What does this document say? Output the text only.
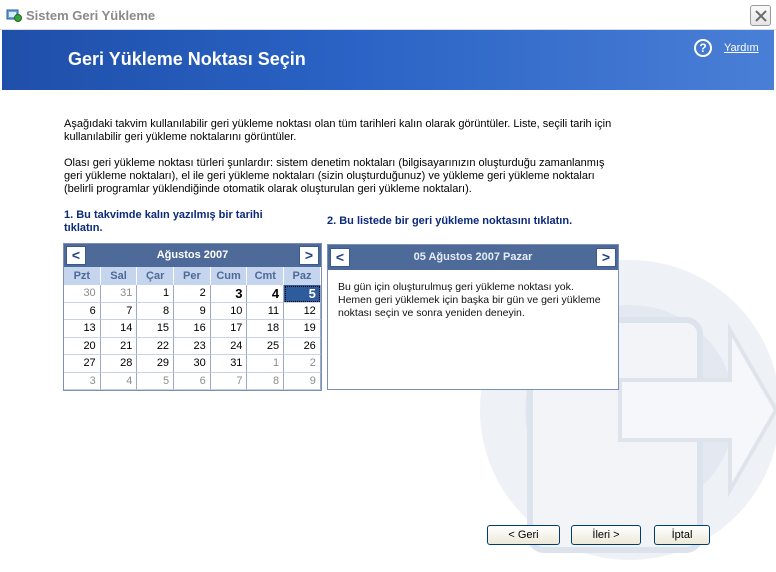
Sistem Geri Yükleme
Geri Yükleme Noktası Seçin
?	Yardım
Aşağıdaki takvim kullanılabilir geri yükleme noktası olan tüm tarihleri kalın olarak görüntüler. Liste, seçili tarih için kullanılabilir geri yükleme noktalarını görüntüler.
Olası geri yükleme noktası türleri şunlardır: sistem denetim noktaları (bilgisayarınızın oluşturduğu zamanlanmış geri yükleme noktaları), el ile geri yükleme noktaları (sizin oluşturduğunuz) ve yükleme geri yükleme noktaları (belirli programlar yüklendiğinde otomatik olarak oluşturulan geri yükleme noktaları).
1. Bu takvimde kalın yazılmış bir tarihi tıklatın.
2. Bu listede bir geri yükleme noktasını tıklatın.
Ağustos 2007
<	>
Pzt	Sal	Çar	Per	Cum	Cmt	Paz
30	31	1	2	3	4	5
6	7	8	9	10	11	12
13	14	15	16	17	18	19
20	21	22	23	24	25	26
27	28	29	30	31	1	2
3	4	5	6	7	8	9
05 Ağustos 2007 Pazar
<	>
Bu gün için oluşturulmuş geri yükleme noktası yok. Hemen geri yüklemek için başka bir gün ve geri yükleme noktası seçin ve sonra yeniden deneyin.
< Geri	İleri >	İptal
